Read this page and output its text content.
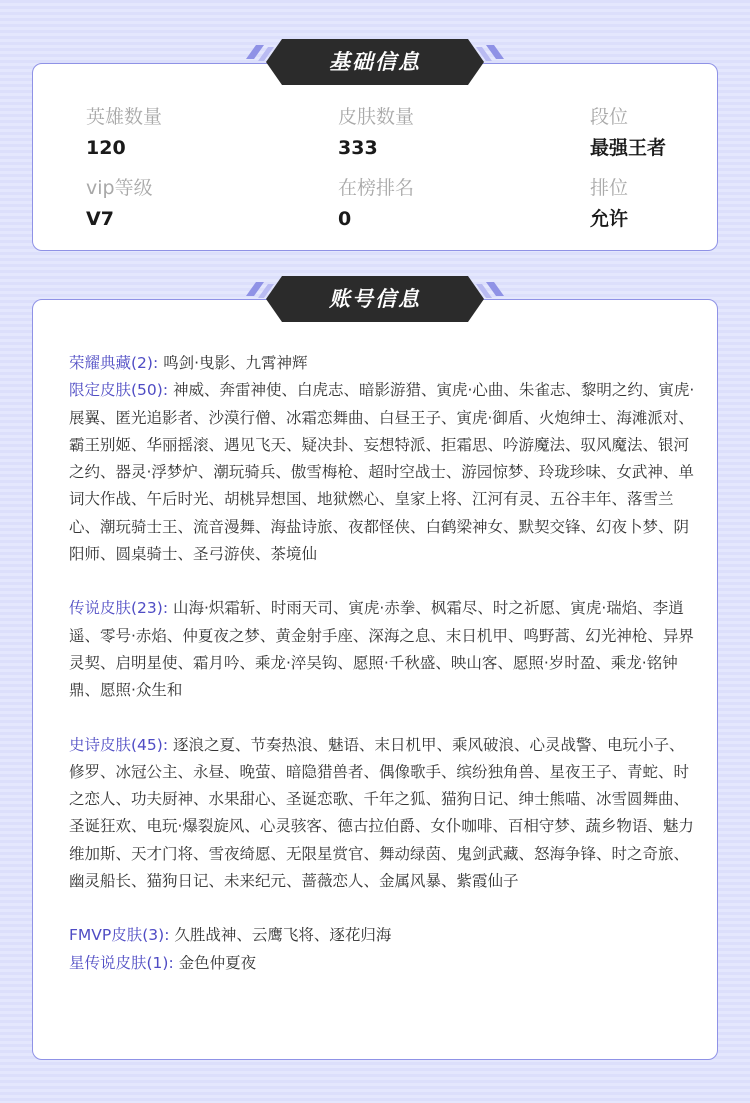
英雄数量
120
皮肤数量
333
段位
最强王者
vip等级
V7
在榜排名
0
排位
允许
基础信息
荣耀典藏(2): 鸣剑·曳影、九霄神辉
限定皮肤(50): 神威、奔雷神使、白虎志、暗影游猎、寅虎·心曲、朱雀志、黎明之约、寅虎·展翼、匿光追影者、沙漠行僧、冰霜恋舞曲、白昼王子、寅虎·御盾、火炮绅士、海滩派对、霸王别姬、华丽摇滚、遇见飞天、疑决卦、妄想特派、拒霜思、吟游魔法、驭风魔法、银河之约、器灵·浮梦炉、潮玩骑兵、傲雪梅枪、超时空战士、游园惊梦、玲珑珍味、女武神、单词大作战、午后时光、胡桃异想国、地狱燃心、皇家上将、江河有灵、五谷丰年、落雪兰心、潮玩骑士王、流音漫舞、海盐诗旅、夜都怪侠、白鹤梁神女、默契交锋、幻夜卜梦、阴阳师、圆桌骑士、圣弓游侠、茶境仙
传说皮肤(23): 山海·炽霜斩、时雨天司、寅虎·赤拳、枫霜尽、时之祈愿、寅虎·瑞焰、李逍遥、零号·赤焰、仲夏夜之梦、黄金射手座、深海之息、末日机甲、鸣野蒿、幻光神枪、异界灵契、启明星使、霜月吟、乘龙·淬吴钩、愿照·千秋盛、映山客、愿照·岁时盈、乘龙·铭钟鼎、愿照·众生和
史诗皮肤(45): 逐浪之夏、节奏热浪、魅语、末日机甲、乘风破浪、心灵战警、电玩小子、修罗、冰冠公主、永昼、晚萤、暗隐猎兽者、偶像歌手、缤纷独角兽、星夜王子、青蛇、时之恋人、功夫厨神、水果甜心、圣诞恋歌、千年之狐、猫狗日记、绅士熊喵、冰雪圆舞曲、圣诞狂欢、电玩·爆裂旋风、心灵骇客、德古拉伯爵、女仆咖啡、百相守梦、蔬乡物语、魅力维加斯、天才门将、雪夜绮愿、无限星赏官、舞动绿茵、鬼剑武藏、怒海争锋、时之奇旅、幽灵船长、猫狗日记、未来纪元、蔷薇恋人、金属风暴、紫霞仙子
FMVP皮肤(3): 久胜战神、云鹰飞将、逐花归海
星传说皮肤(1): 金色仲夏夜
账号信息
